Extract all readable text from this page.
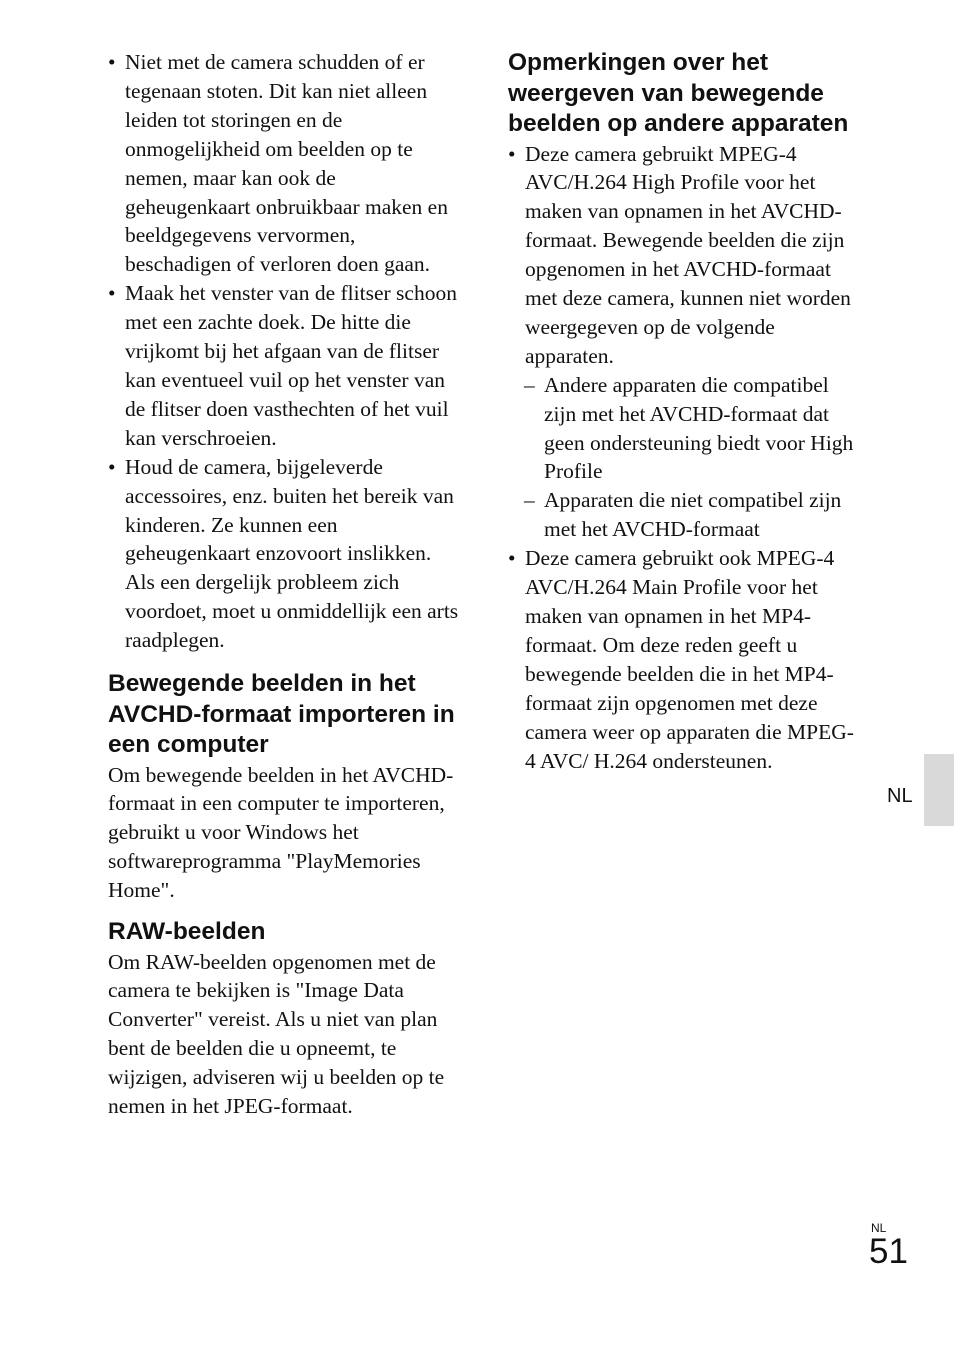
• Niet met de camera schudden of er tegenaan stoten. Dit kan niet alleen leiden tot storingen en de onmogelijkheid om beelden op te nemen, maar kan ook de geheugenkaart onbruikbaar maken en beeldgegevens vervormen, beschadigen of verloren doen gaan.
• Maak het venster van de flitser schoon met een zachte doek. De hitte die vrijkomt bij het afgaan van de flitser kan eventueel vuil op het venster van de flitser doen vasthechten of het vuil kan verschroeien.
• Houd de camera, bijgeleverde accessoires, enz. buiten het bereik van kinderen. Ze kunnen een geheugenkaart enzovoort inslikken. Als een dergelijk probleem zich voordoet, moet u onmiddellijk een arts raadplegen.
Bewegende beelden in het AVCHD-formaat importeren in een computer

Om bewegende beelden in het AVCHD-formaat in een computer te importeren, gebruikt u voor Windows het softwareprogramma "PlayMemories Home".

RAW-beelden

Om RAW-beelden opgenomen met de camera te bekijken is "Image Data Converter" vereist. Als u niet van plan bent de beelden die u opneemt, te wijzigen, adviseren wij u beelden op te nemen in het JPEG-formaat.

Opmerkingen over het weergeven van bewegende beelden op andere apparaten
• Deze camera gebruikt MPEG-4 AVC/H.264 High Profile voor het maken van opnamen in het AVCHD-formaat. Bewegende beelden die zijn opgenomen in het AVCHD-formaat met deze camera, kunnen niet worden weergegeven op de volgende apparaten.
– Andere apparaten die compatibel zijn met het AVCHD-formaat dat geen ondersteuning biedt voor High Profile
– Apparaten die niet compatibel zijn met het AVCHD-formaat
• Deze camera gebruikt ook MPEG-4 AVC/H.264 Main Profile voor het maken van opnamen in het MP4-formaat. Om deze reden geeft u bewegende beelden die in het MP4-formaat zijn opgenomen met deze camera weer op apparaten die MPEG-4 AVC/ H.264 ondersteunen.
NL
NL
51
